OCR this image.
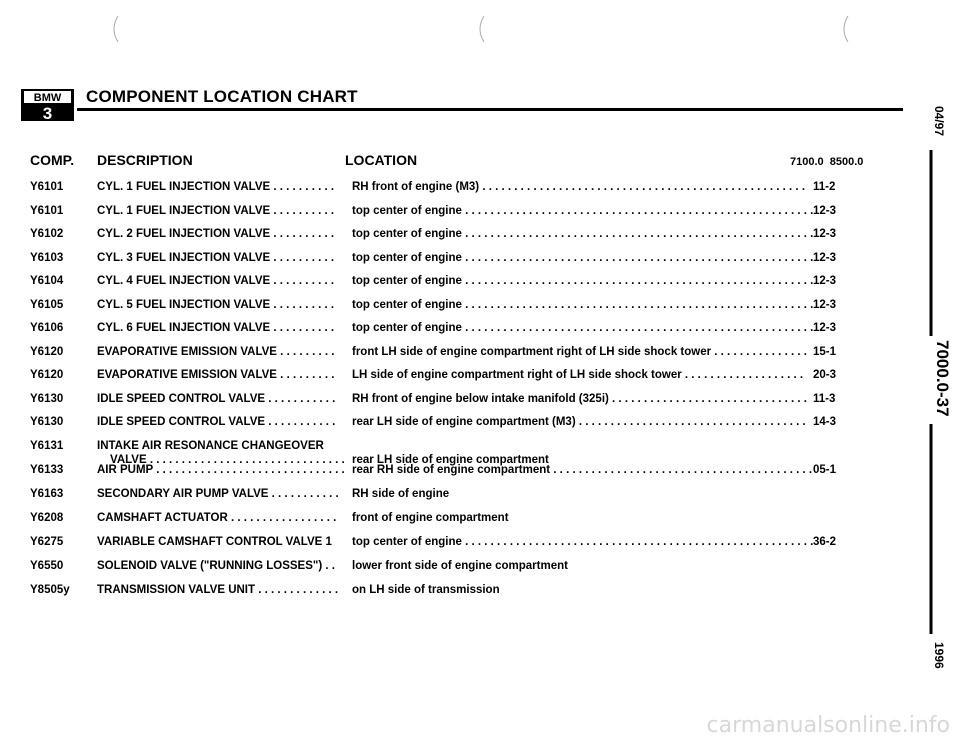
BMW
3
COMPONENT LOCATION CHART
COMP. DESCRIPTION	LOCATION	7100.0  8500.0
Y6101	CYL. 1 FUEL INJECTION VALVE . . . . . . . . . . RH front of engine (M3) . . . . . . . . . . . . . . . . . . . . . . . . . . . . . . . . . . . . . . . . . . . . . . . . . . . 11-2
Y6101	CYL. 1 FUEL INJECTION VALVE . . . . . . . . . . top center of engine . . . . . . . . . . . . . . . . . . . . . . . . . . . . . . . . . . . . . . . . . . . . . . . . . . . . . . . 12-3
Y6102	CYL. 2 FUEL INJECTION VALVE . . . . . . . . . . top center of engine . . . . . . . . . . . . . . . . . . . . . . . . . . . . . . . . . . . . . . . . . . . . . . . . . . . . . . . 12-3
Y6103	CYL. 3 FUEL INJECTION VALVE . . . . . . . . . . top center of engine . . . . . . . . . . . . . . . . . . . . . . . . . . . . . . . . . . . . . . . . . . . . . . . . . . . . . . . 12-3
Y6104	CYL. 4 FUEL INJECTION VALVE . . . . . . . . . . top center of engine . . . . . . . . . . . . . . . . . . . . . . . . . . . . . . . . . . . . . . . . . . . . . . . . . . . . . . . 12-3
Y6105	CYL. 5 FUEL INJECTION VALVE . . . . . . . . . . top center of engine . . . . . . . . . . . . . . . . . . . . . . . . . . . . . . . . . . . . . . . . . . . . . . . . . . . . . . . 12-3
Y6106	CYL. 6 FUEL INJECTION VALVE . . . . . . . . . . top center of engine . . . . . . . . . . . . . . . . . . . . . . . . . . . . . . . . . . . . . . . . . . . . . . . . . . . . . . . 12-3
Y6120	EVAPORATIVE EMISSION VALVE . . . . . . . . . front LH side of engine compartment right of LH side shock tower . . . . . . . . . . . . . . . 15-1
Y6120	EVAPORATIVE EMISSION VALVE . . . . . . . . . LH side of engine compartment right of LH side shock tower . . . . . . . . . . . . . . . . . . . 20-3
Y6130	IDLE SPEED CONTROL VALVE . . . . . . . . . . . RH front of engine below intake manifold (325i) . . . . . . . . . . . . . . . . . . . . . . . . . . . . . . . 11-3
Y6130	IDLE SPEED CONTROL VALVE . . . . . . . . . . . rear LH side of engine compartment (M3) . . . . . . . . . . . . . . . . . . . . . . . . . . . . . . . . . . . . 14-3
Y6131	INTAKE AIR RESONANCE CHANGEOVER
VALVE . . . . . . . . . . . . . . . . . . . . . . . . . . . . . . . rear LH side of engine compartment
Y6133	AIR PUMP . . . . . . . . . . . . . . . . . . . . . . . . . . . . . . rear RH side of engine compartment . . . . . . . . . . . . . . . . . . . . . . . . . . . . . . . . . . . . . . . . . 05-1
Y6163	SECONDARY AIR PUMP VALVE . . . . . . . . . . . RH side of engine
Y6208	CAMSHAFT ACTUATOR . . . . . . . . . . . . . . . . . front of engine compartment
Y6275	VARIABLE CAMSHAFT CONTROL VALVE 1 top center of engine . . . . . . . . . . . . . . . . . . . . . . . . . . . . . . . . . . . . . . . . . . . . . . . . . . . . . . . 36-2
Y6550	SOLENOID VALVE ("RUNNING LOSSES") . . lower front side of engine compartment
Y8505y TRANSMISSION VALVE UNIT . . . . . . . . . . . . . on LH side of transmission
04/97
7000.0-37
1996
carmanualsonline.info
